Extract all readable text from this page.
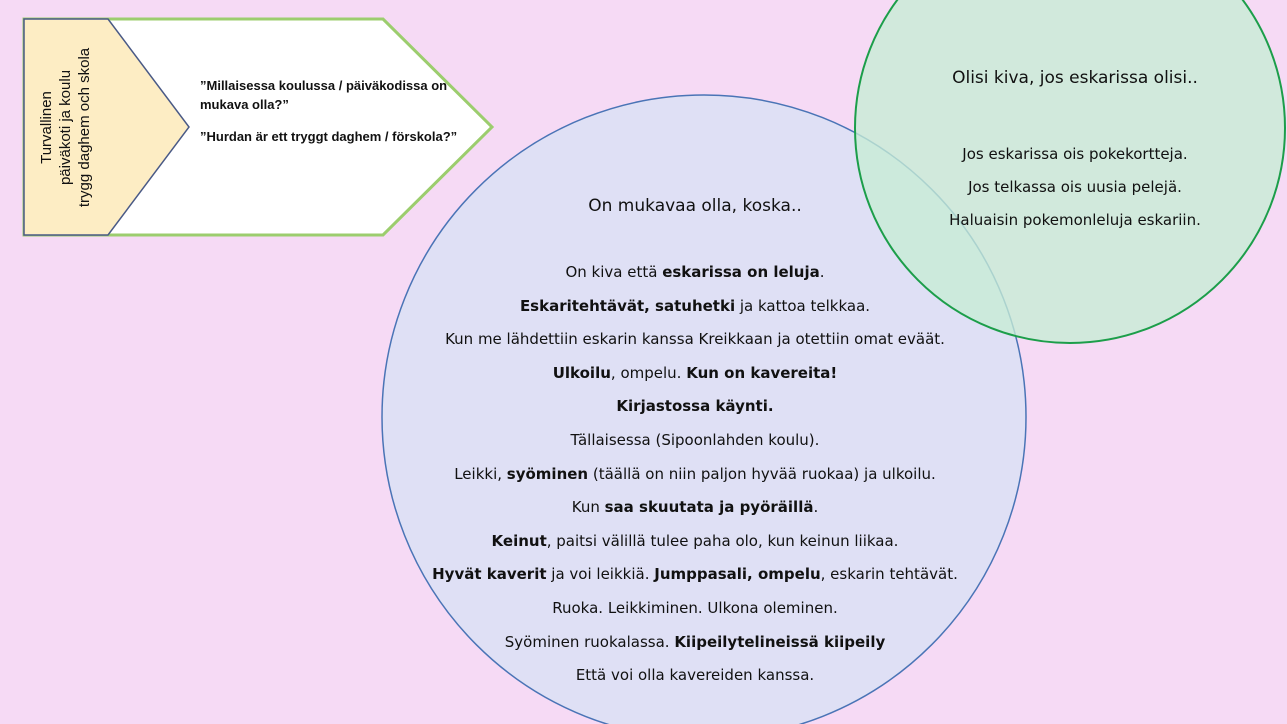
Turvallinen päiväkoti ja koulu trygg daghem och skola	”Millaisessa koulussa / päiväkodissa on mukava olla?”

”Hurdan är ett tryggt daghem / förskola?”

On mukavaa olla, koska..
On kiva että eskarissa on leluja.
Eskaritehtävät, satuhetki ja kattoa telkkaa.
Kun me lähdettiin eskarin kanssa Kreikkaan ja otettiin omat eväät.
Ulkoilu, ompelu. Kun on kavereita!
Kirjastossa käynti.
Tällaisessa (Sipoonlahden koulu).
Leikki, syöminen (täällä on niin paljon hyvää ruokaa) ja ulkoilu.
Kun saa skuutata ja pyöräillä.
Keinut, paitsi välillä tulee paha olo, kun keinun liikaa.
Hyvät kaverit ja voi leikkiä. Jumppasali, ompelu, eskarin tehtävät.
Ruoka. Leikkiminen. Ulkona oleminen.
Syöminen ruokalassa. Kiipeilytelineissä kiipeily
Että voi olla kavereiden kanssa.
Olisi kiva, jos eskarissa olisi..
Jos eskarissa ois pokekortteja.
Jos telkassa ois uusia pelejä.
Haluaisin pokemonleluja eskariin.
